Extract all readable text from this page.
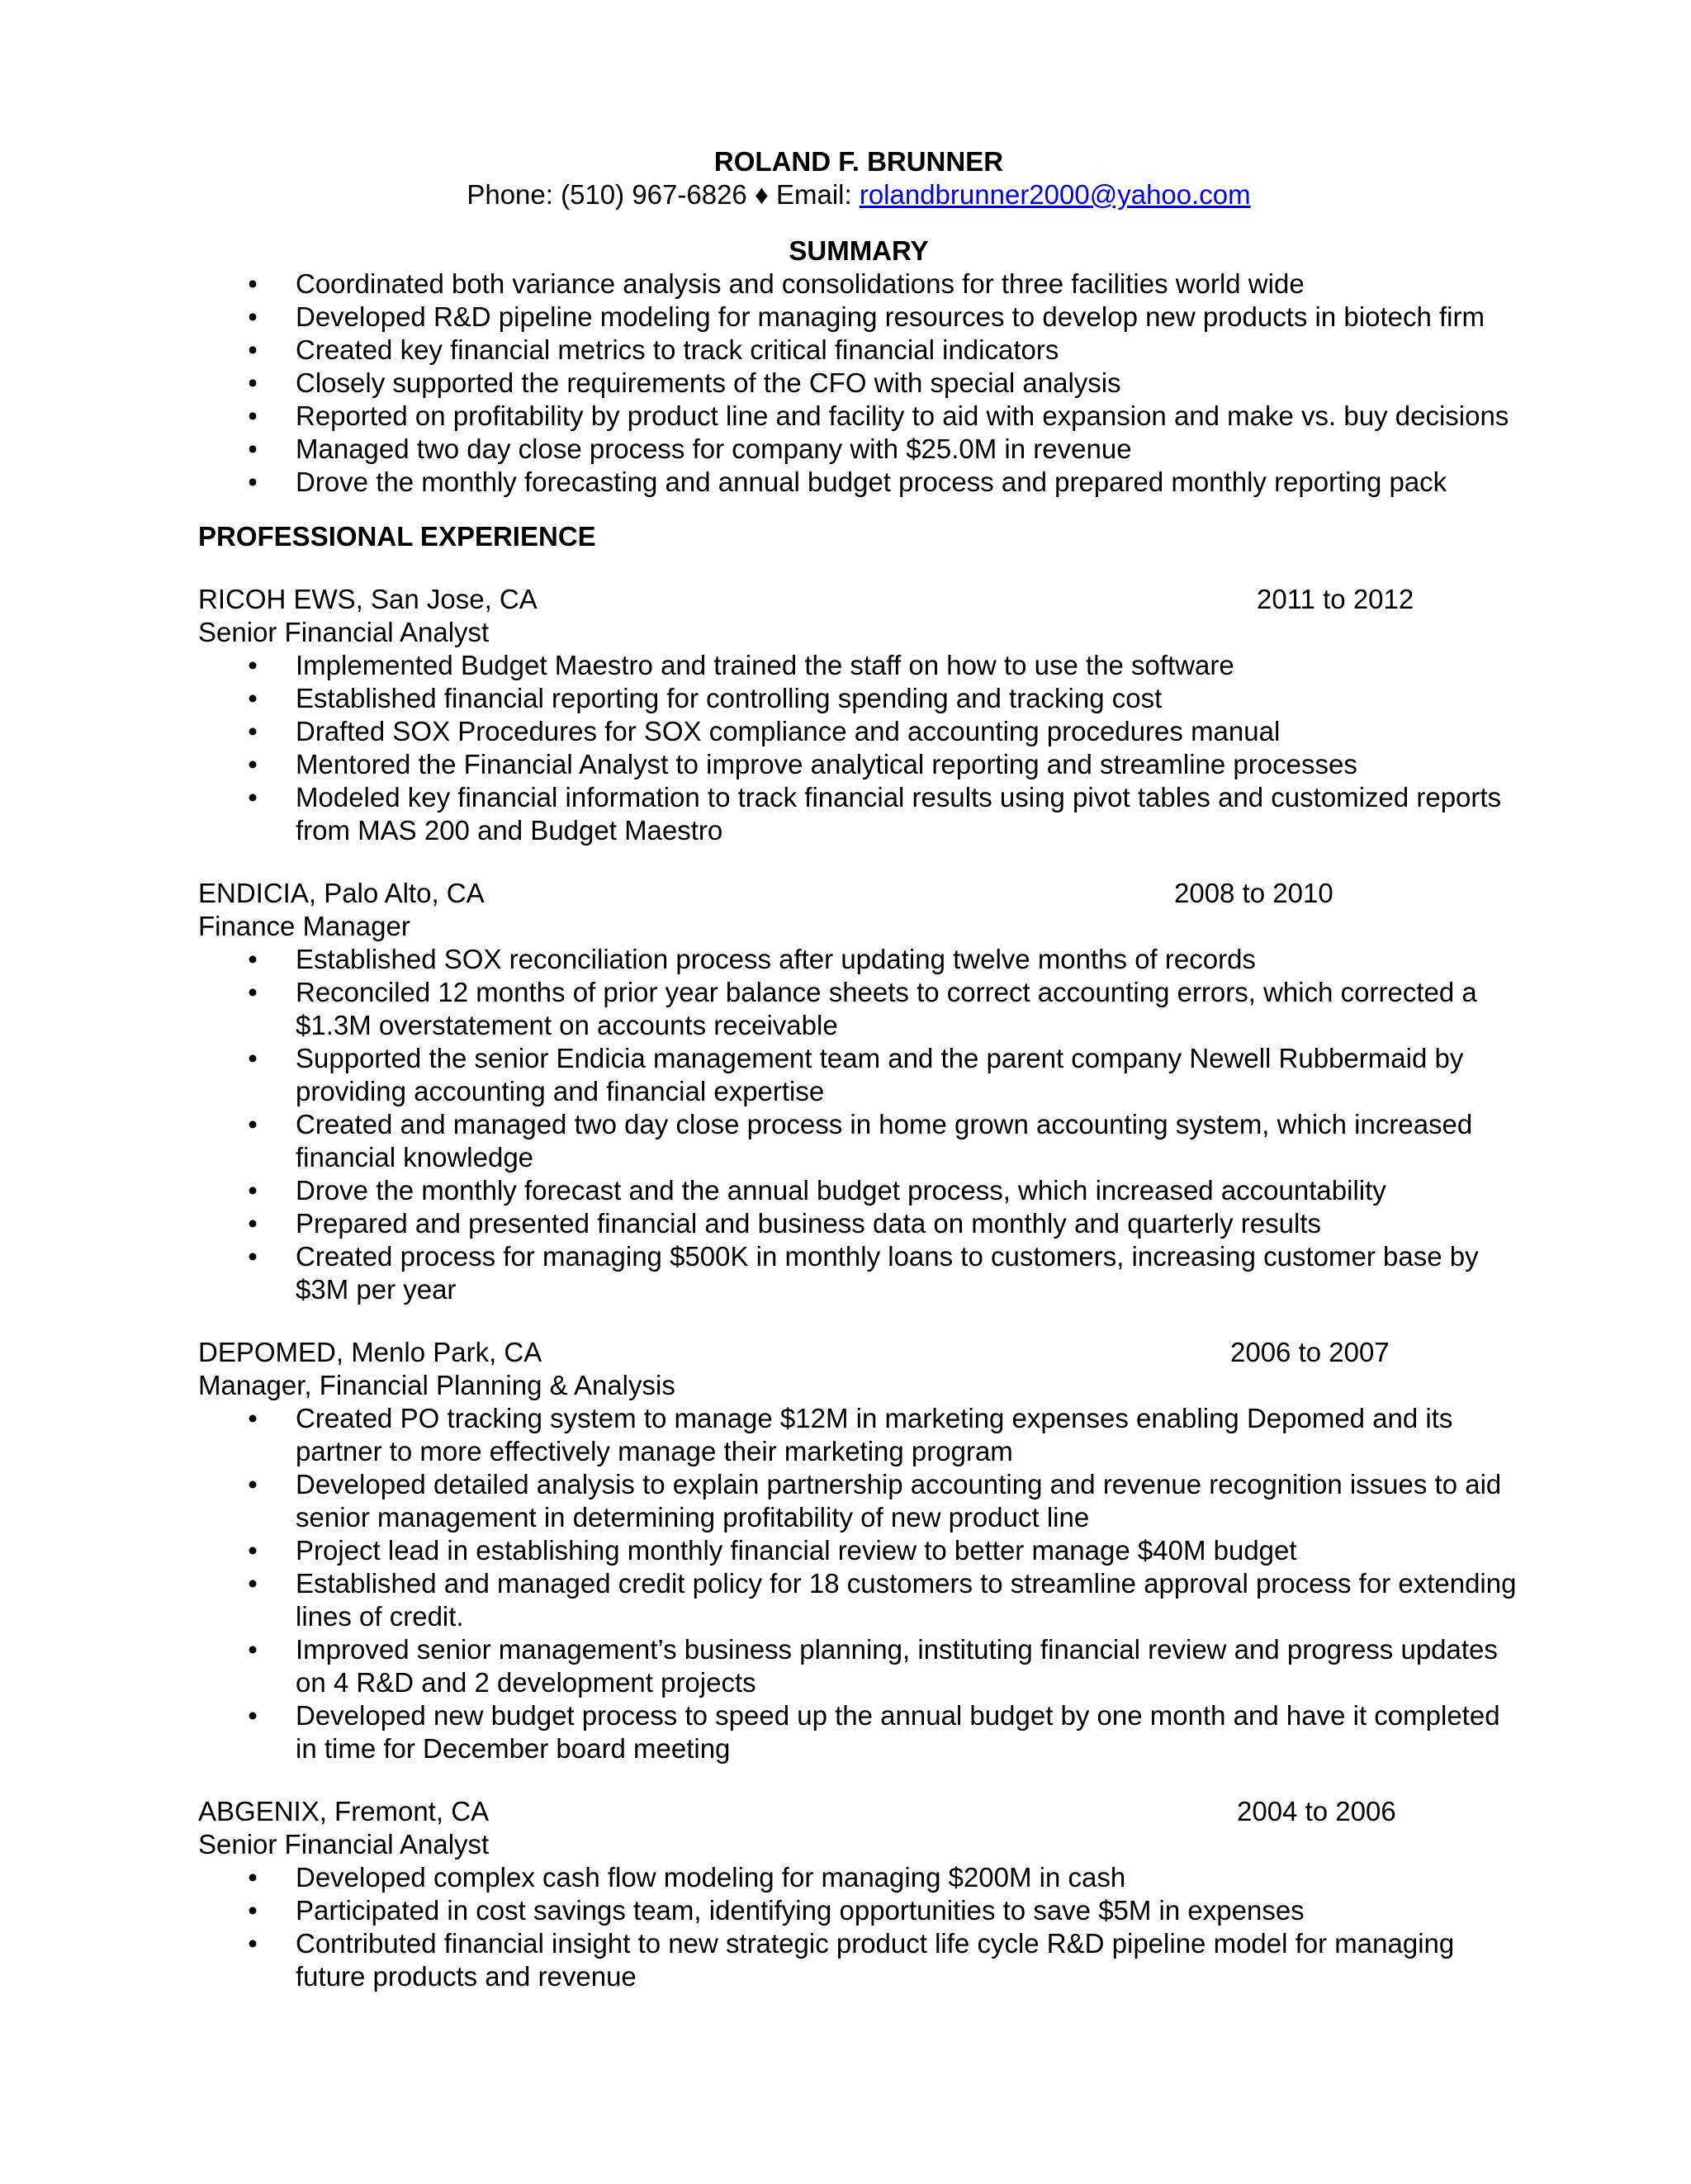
ROLAND F. BRUNNER

Phone: (510) 967-6826 ♦ Email: rolandbrunner2000@yahoo.com

SUMMARY

• Coordinated both variance analysis and consolidations for three facilities world wide
• Developed R&D pipeline modeling for managing resources to develop new products in biotech firm
• Created key financial metrics to track critical financial indicators
• Closely supported the requirements of the CFO with special analysis
• Reported on profitability by product line and facility to aid with expansion and make vs. buy decisions
• Managed two day close process for company with $25.0M in revenue
• Drove the monthly forecasting and annual budget process and prepared monthly reporting pack

PROFESSIONAL EXPERIENCE

RICOH EWS, San Jose, CA	2011 to 2012

Senior Financial Analyst

• Implemented Budget Maestro and trained the staff on how to use the software
• Established financial reporting for controlling spending and tracking cost
• Drafted SOX Procedures for SOX compliance and accounting procedures manual
• Mentored the Financial Analyst to improve analytical reporting and streamline processes
• Modeled key financial information to track financial results using pivot tables and customized reports from MAS 200 and Budget Maestro
ENDICIA, Palo Alto, CA	2008 to 2010

Finance Manager

• Established SOX reconciliation process after updating twelve months of records
• Reconciled 12 months of prior year balance sheets to correct accounting errors, which corrected a $1.3M overstatement on accounts receivable
• Supported the senior Endicia management team and the parent company Newell Rubbermaid by providing accounting and financial expertise
• Created and managed two day close process in home grown accounting system, which increased financial knowledge
• Drove the monthly forecast and the annual budget process, which increased accountability
• Prepared and presented financial and business data on monthly and quarterly results
• Created process for managing $500K in monthly loans to customers, increasing customer base by $3M per year
DEPOMED, Menlo Park, CA	2006 to 2007

Manager, Financial Planning & Analysis

• Created PO tracking system to manage $12M in marketing expenses enabling Depomed and its partner to more effectively manage their marketing program
• Developed detailed analysis to explain partnership accounting and revenue recognition issues to aid senior management in determining profitability of new product line
• Project lead in establishing monthly financial review to better manage $40M budget
• Established and managed credit policy for 18 customers to streamline approval process for extending lines of credit.
• Improved senior management’s business planning, instituting financial review and progress updates on 4 R&D and 2 development projects
• Developed new budget process to speed up the annual budget by one month and have it completed in time for December board meeting
ABGENIX, Fremont, CA	2004 to 2006

Senior Financial Analyst

• Developed complex cash flow modeling for managing $200M in cash
• Participated in cost savings team, identifying opportunities to save $5M in expenses
• Contributed financial insight to new strategic product life cycle R&D pipeline model for managing future products and revenue
